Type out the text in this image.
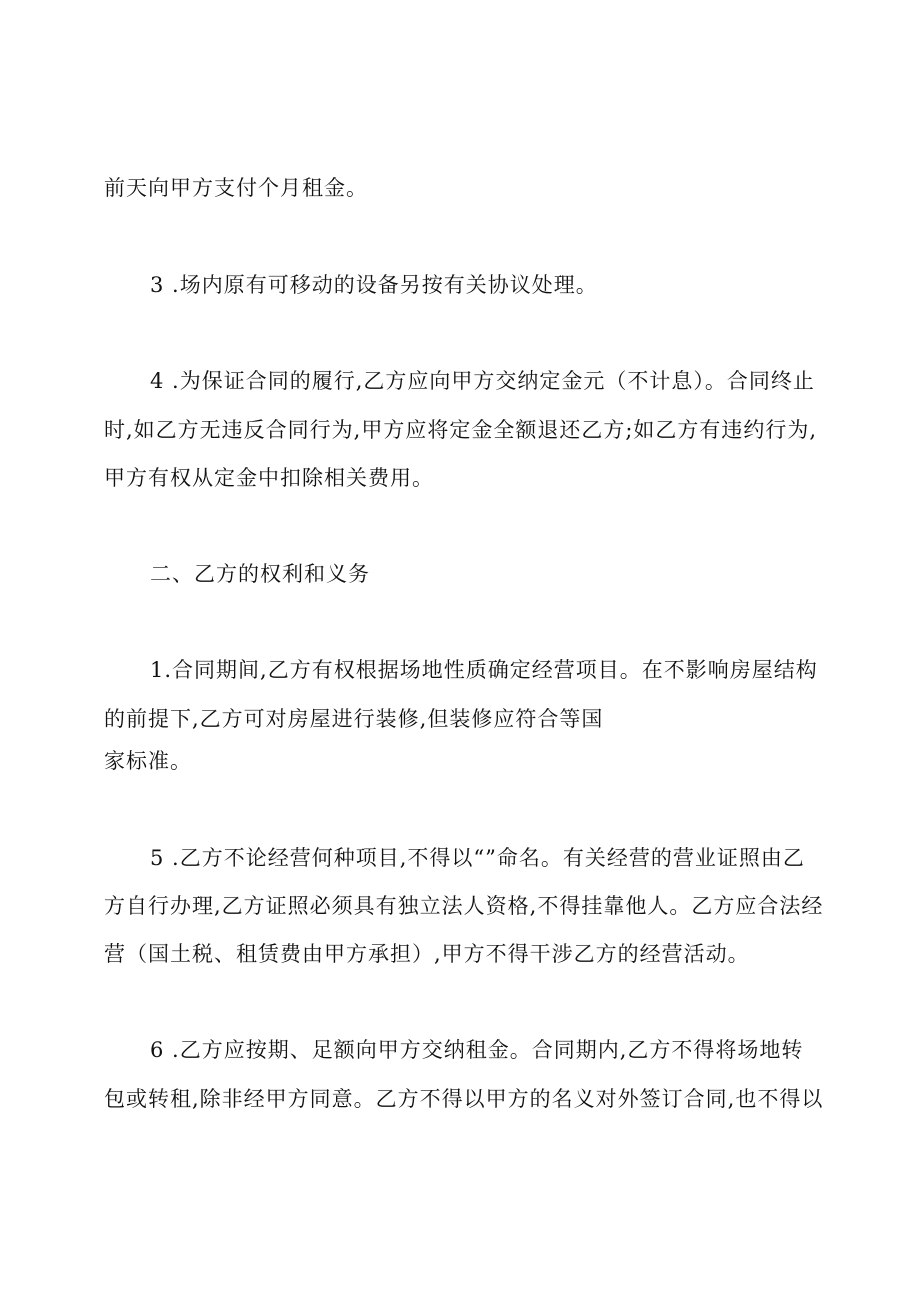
前天向甲方支付个月租金。
3 .场内原有可移动的设备另按有关协议处理。
4 .为保证合同的履行,乙方应向甲方交纳定金元（不计息）。合同终止
时,如乙方无违反合同行为,甲方应将定金全额退还乙方;如乙方有违约行为,
甲方有权从定金中扣除相关费用。
二、乙方的权利和义务
1.合同期间,乙方有权根据场地性质确定经营项目。在不影响房屋结构
的前提下,乙方可对房屋进行装修,但装修应符合等国
家标准。
5 .乙方不论经营何种项目,不得以“”命名。有关经营的营业证照由乙
方自行办理,乙方证照必须具有独立法人资格,不得挂靠他人。乙方应合法经
营（国土税、租赁费由甲方承担）,甲方不得干涉乙方的经营活动。
6 .乙方应按期、足额向甲方交纳租金。合同期内,乙方不得将场地转
包或转租,除非经甲方同意。乙方不得以甲方的名义对外签订合同,也不得以
